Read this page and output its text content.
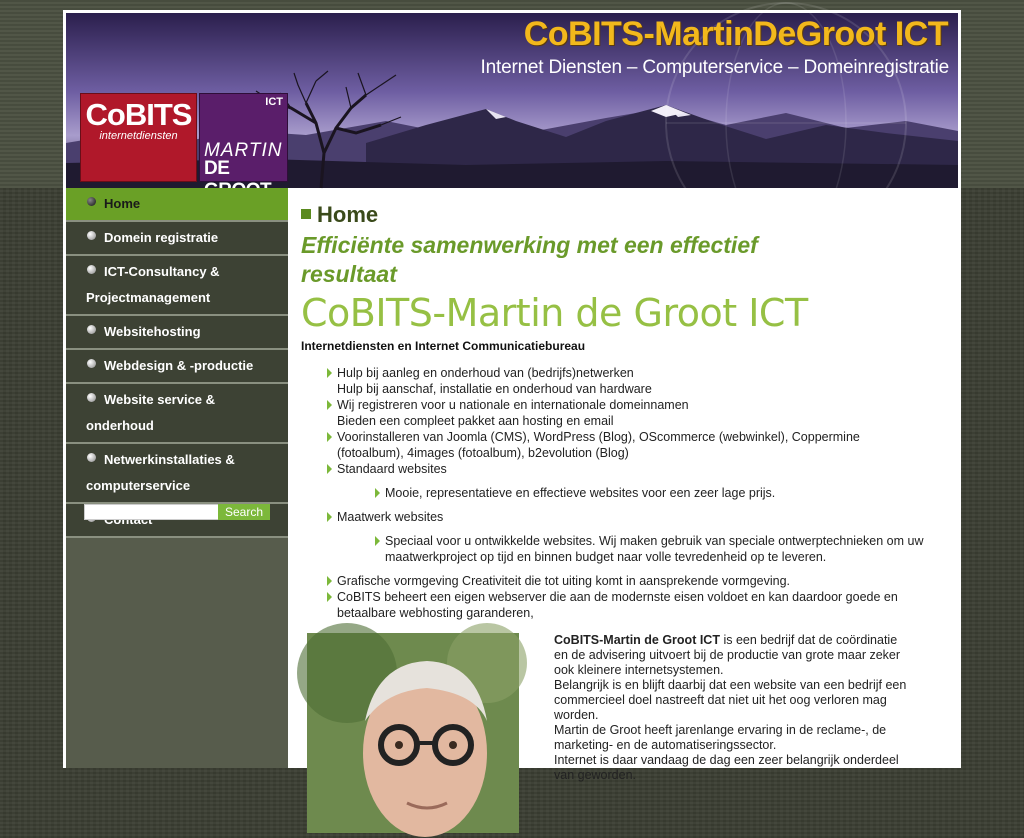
CoBITS-MartinDeGroot ICT
Internet Diensten – Computerservice – Domeinregistratie
CoBITS
internetdiensten
ICT
MARTIN
DE
Home
Domein registratie
ICT-Consultancy &
Projectmanagement
Websitehosting
Webdesign & -productie
Website service &
onderhoud
Netwerkinstallaties &
computerservice
Search
Home
Efficiënte samenwerking met een effectief
resultaat
CoBITS-Martin de Groot ICT
Internetdiensten en Internet Communicatiebureau
Hulp bij aanleg en onderhoud van (bedrijfs)netwerken
Hulp bij aanschaf, installatie en onderhoud van hardware
Wij registreren voor u nationale en internationale domeinnamen
Bieden een compleet pakket aan hosting en email
Voorinstalleren van Joomla (CMS), WordPress (Blog), OScommerce (webwinkel), Coppermine
(fotoalbum), 4images (fotoalbum), b2evolution (Blog)
Standaard websites
Mooie, representatieve en effectieve websites voor een zeer lage prijs.
Maatwerk websites
Speciaal voor u ontwikkelde websites. Wij maken gebruik van speciale ontwerptechnieken om uw
maatwerkproject op tijd en binnen budget naar volle tevredenheid op te leveren.
Grafische vormgeving Creativiteit die tot uiting komt in aansprekende vormgeving.
CoBITS beheert een eigen webserver die aan de modernste eisen voldoet en kan daardoor goede en
betaalbare webhosting garanderen,

CoBITS-Martin de Groot ICT is een bedrijf dat de coördinatie
en de advisering uitvoert bij de productie van grote maar zeker
ook kleinere internetsystemen.

Belangrijk is en blijft daarbij dat een website van een bedrijf een
commercieel doel nastreeft dat niet uit het oog verloren mag
worden.

Martin de Groot heeft jarenlange ervaring in de reclame-, de
marketing- en de automatiseringssector.

Internet is daar vandaag de dag een zeer belangrijk onderdeel
van geworden.
